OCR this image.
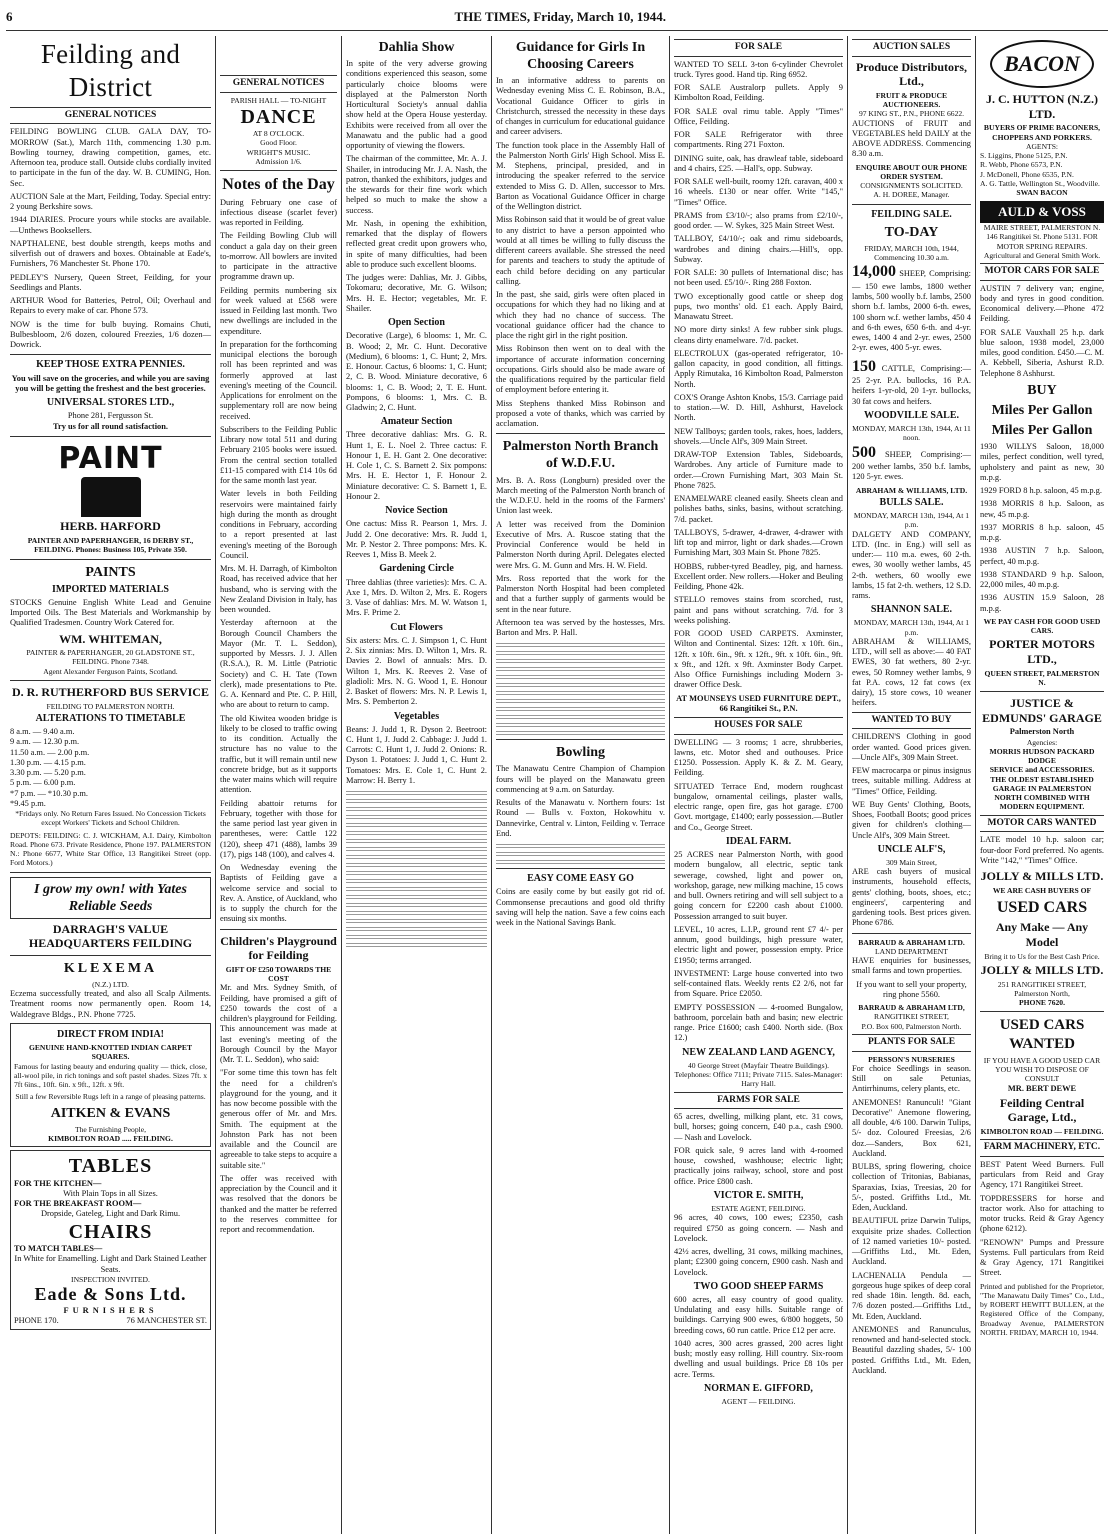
6	THE TIMES, Friday, March 10, 1944.
Feilding and District
GENERAL NOTICES

FEILDING BOWLING CLUB. GALA DAY, TO-MORROW (Sat.), March 11th, commencing 1.30 p.m. Bowling tourney, drawing competition, games, etc. Afternoon tea, produce stall. Outside clubs cordially invited to participate in the fun of the day. W. B. CUMING, Hon. Sec.

AUCTION Sale at the Mart, Feilding, Today. Special entry: 2 young Berkshire sows.

1944 DIARIES. Procure yours while stocks are available.—Unthews Booksellers.

NAPTHALENE, best double strength, keeps moths and silverfish out of drawers and boxes. Obtainable at Eade's, Furnishers, 76 Manchester St. Phone 170.

PEDLEY'S Nursery, Queen Street, Feilding, for your Seedlings and Plants.

ARTHUR Wood for Batteries, Petrol, Oil; Overhaul and Repairs to every make of car. Phone 573.

NOW is the time for bulb buying. Romains Chuti, Bulbesbloom, 2/6 dozen, coloured Freezies, 1/6 dozen—Dowrick.

KEEP THOSE EXTRA PENNIES.

You will save on the groceries, and while you are saving you will be getting the freshest and the best groceries.

UNIVERSAL STORES LTD.,
Phone 281, Fergusson St.
Try us for all round satisfaction.
PAINT
HERB. HARFORD
PAINTER AND PAPERHANGER, 16 DERBY ST., FEILDING. Phones: Business 105, Private 350.
PAINTS
IMPORTED MATERIALS

STOCKS Genuine English White Lead and Genuine Imported Oils. The Best Materials and Workmanship by Qualified Tradesmen. Country Work Catered for.

WM. WHITEMAN,
PAINTER & PAPERHANGER, 20 GLADSTONE ST., FEILDING. Phone 7348.
Agent Alexander Ferguson Paints, Scotland.
D. R. RUTHERFORD BUS SERVICE
FEILDING TO PALMERSTON NORTH.
ALTERATIONS TO TIMETABLE
8 a.m. — 9.40 a.m.
9 a.m. — 12.30 p.m.
11.50 a.m. — 2.00 p.m.
1.30 p.m. — 4.15 p.m.
3.30 p.m. — 5.20 p.m.
5 p.m. — 6.00 p.m.
*7 p.m. — *10.30 p.m.
*9.45 p.m.

*Fridays only. No Return Fares Issued. No Concession Tickets except Workers' Tickets and School Children.

DEPOTS: FEILDING: C. J. WICKHAM, A.I. Dairy, Kimbolton Road. Phone 673. Private Residence, Phone 197. PALMERSTON N.: Phone 6677, White Star Office, 13 Rangitikei Street (opp. Ford Motors.)

I grow my own! with Yates Reliable Seeds
DARRAGH'S VALUE HEADQUARTERS FEILDING
KLEXEMA
(N.Z.) LTD.

Eczema successfully treated, and also all Scalp Ailments. Treatment rooms now permanently open. Room 14, Waldegrave Bldgs., P.N. Phone 7725.

DIRECT FROM INDIA!
GENUINE HAND-KNOTTED INDIAN CARPET SQUARES.

Famous for lasting beauty and enduring quality — thick, close, all-wool pile, in rich tonings and soft pastel shades. Sizes 7ft. x 7ft 6ins., 10ft. 6in. x 9ft., 12ft. x 9ft.

Still a few Reversible Rugs left in a range of pleasing patterns.

AITKEN & EVANS
The Furnishing People,
KIMBOLTON ROAD ..... FEILDING.
TABLES
FOR THE KITCHEN—
With Plain Tops in all Sizes.
FOR THE BREAKFAST ROOM—
Dropside, Gateleg, Light and Dark Rimu.
CHAIRS
TO MATCH TABLES—
In White for Enamelling. Light and Dark Stained Leather Seats.
INSPECTION INVITED.
Eade & Sons Ltd.
FURNISHERS
PHONE 170.	76 MANCHESTER ST.
GENERAL NOTICES
PARISH HALL — TO-NIGHT
DANCE
AT 8 O'CLOCK.
Good Floor.
WRIGHT'S MUSIC.
Admission 1/6.
Notes of the Day

During February one case of infectious disease (scarlet fever) was reported in Feilding.

The Feilding Bowling Club will conduct a gala day on their green to-morrow. All bowlers are invited to participate in the attractive programme drawn up.

Feilding permits numbering six for week valued at £568 were issued in Feilding last month. Two new dwellings are included in the expenditure.

In preparation for the forthcoming municipal elections the borough roll has been reprinted and was formerly approved at last evening's meeting of the Council. Applications for enrolment on the supplementary roll are now being received.

Subscribers to the Feilding Public Library now total 511 and during February 2105 books were issued. From the central section totalled £11-15 compared with £14 10s 6d for the same month last year.

Water levels in both Feilding reservoirs were maintained fairly high during the month as drought conditions in February, according to a report presented at last evening's meeting of the Borough Council.

Mrs. M. H. Darragh, of Kimbolton Road, has received advice that her husband, who is serving with the New Zealand Division in Italy, has been wounded.

Yesterday afternoon at the Borough Council Chambers the Mayor (Mr. T. L. Seddon), supported by Messrs. J. J. Allen (R.S.A.), R. M. Little (Patriotic Society) and C. H. Tate (Town clerk), made presentations to Pte. G. A. Kennard and Pte. C. P. Hill, who are about to return to camp.

The old Kiwitea wooden bridge is likely to be closed to traffic owing to its condition. Actually the structure has no value to the traffic, but it will remain until new concrete bridge, but as it supports the water mains which will require attention.

Feilding abattoir returns for February, together with those for the same period last year given in parentheses, were: Cattle 122 (120), sheep 471 (488), lambs 39 (17), pigs 148 (100), and calves 4.

On Wednesday evening the Baptists of Feilding gave a welcome service and social to Rev. A. Anstice, of Auckland, who is to supply the church for the ensuing six months.

Children's Playground for Feilding
GIFT OF £250 TOWARDS THE COST

Mr. and Mrs. Sydney Smith, of Feilding, have promised a gift of £250 towards the cost of a children's playground for Feilding. This announcement was made at last evening's meeting of the Borough Council by the Mayor (Mr. T. L. Seddon), who said:

"For some time this town has felt the need for a children's playground for the young, and it has now become possible with the generous offer of Mr. and Mrs. Smith. The equipment at the Johnston Park has not been available and the Council are agreeable to take steps to acquire a suitable site."

The offer was received with appreciation by the Council and it was resolved that the donors be thanked and the matter be referred to the reserves committee for report and recommendation.

Dahlia Show

In spite of the very adverse growing conditions experienced this season, some particularly choice blooms were displayed at the Palmerston North Horticultural Society's annual dahlia show held at the Opera House yesterday. Exhibits were received from all over the Manawatu and the public had a good opportunity of viewing the flowers.

The chairman of the committee, Mr. A. J. Shailer, in introducing Mr. J. A. Nash, the patron, thanked the exhibitors, judges and the stewards for their fine work which helped so much to make the show a success.

Mr. Nash, in opening the exhibition, remarked that the display of flowers reflected great credit upon growers who, in spite of many difficulties, had been able to produce such excellent blooms.

The judges were: Dahlias, Mr. J. Gibbs, Tokomaru; decorative, Mr. G. Wilson; Mrs. H. E. Hector; vegetables, Mr. F. Shailer.

Open Section

Decorative (Large), 6 blooms: 1, Mr. C. B. Wood; 2, Mr. C. Hunt. Decorative (Medium), 6 blooms: 1, C. Hunt; 2, Mrs. E. Honour. Cactus, 6 blooms: 1, C. Hunt; 2, C. B. Wood. Miniature decorative, 6 blooms: 1, C. B. Wood; 2, T. E. Hunt. Pompons, 6 blooms: 1, Mrs. C. B. Gladwin; 2, C. Hunt.

Amateur Section

Three decorative dahlias: Mrs. G. R. Hunt 1, E. L. Noel 2. Three cactus: F. Honour 1, E. H. Gant 2. One decorative: H. Cole 1, C. S. Barnett 2. Six pompons: Mrs. H. E. Hector 1, F. Honour 2. Miniature decorative: C. S. Barnett 1, E. Honour 2.

Novice Section

One cactus: Miss R. Pearson 1, Mrs. J. Judd 2. One decorative: Mrs. R. Judd 1, Mr. P. Nestor 2. Three pompons: Mrs. K. Reeves 1, Miss B. Meek 2.

Gardening Circle

Three dahlias (three varieties): Mrs. C. A. Axe 1, Mrs. D. Wilton 2, Mrs. E. Rogers 3. Vase of dahlias: Mrs. M. W. Watson 1, Mrs. F. Prime 2.

Cut Flowers

Six asters: Mrs. C. J. Simpson 1, C. Hunt 2. Six zinnias: Mrs. D. Wilton 1, Mrs. R. Davies 2. Bowl of annuals: Mrs. D. Wilton 1, Mrs. K. Reeves 2. Vase of gladioli: Mrs. N. G. Wood 1, E. Honour 2. Basket of flowers: Mrs. N. P. Lewis 1, Mrs. S. Pemberton 2.

Vegetables

Beans: J. Judd 1, R. Dyson 2. Beetroot: C. Hunt 1, J. Judd 2. Cabbage: J. Judd 1. Carrots: C. Hunt 1, J. Judd 2. Onions: R. Dyson 1. Potatoes: J. Judd 1, C. Hunt 2. Tomatoes: Mrs. E. Cole 1, C. Hunt 2. Marrow: H. Berry 1.

Guidance for Girls In Choosing Careers

In an informative address to parents on Wednesday evening Miss C. E. Robinson, B.A., Vocational Guidance Officer to girls in Christchurch, stressed the necessity in these days of changes in curriculum for educational guidance and career advisers.

The function took place in the Assembly Hall of the Palmerston North Girls' High School. Miss E. M. Stephens, principal, presided, and in introducing the speaker referred to the service extended to Miss G. D. Allen, successor to Mrs. Barton as Vocational Guidance Officer in charge of the Wellington district.

Miss Robinson said that it would be of great value to any district to have a person appointed who would at all times be willing to fully discuss the different careers available. She stressed the need for parents and teachers to study the aptitude of each child before deciding on any particular calling.

In the past, she said, girls were often placed in occupations for which they had no liking and at which they had no chance of success. The vocational guidance officer had the chance to place the right girl in the right position.

Miss Robinson then went on to deal with the importance of accurate information concerning occupations. Girls should also be made aware of the qualifications required by the particular field of employment before entering it.

Miss Stephens thanked Miss Robinson and proposed a vote of thanks, which was carried by acclamation.

Palmerston North Branch of W.D.F.U.

Mrs. B. A. Ross (Longburn) presided over the March meeting of the Palmerston North branch of the W.D.F.U. held in the rooms of the Farmers' Union last week.

A letter was received from the Dominion Executive of Mrs. A. Ruscoe stating that the Provincial Conference would be held in Palmerston North during April. Delegates elected were Mrs. G. M. Gunn and Mrs. H. W. Field.

Mrs. Ross reported that the work for the Palmerston North Hospital had been completed and that a further supply of garments would be sent in the near future.

Afternoon tea was served by the hostesses, Mrs. Barton and Mrs. P. Hall.

Bowling

The Manawatu Centre Champion of Champion fours will be played on the Manawatu green commencing at 9 a.m. on Saturday.

Results of the Manawatu v. Northern fours: 1st Round — Bulls v. Foxton, Hokowhitu v. Dannevirke, Central v. Linton, Feilding v. Terrace End.

EASY COME EASY GO

Coins are easily come by but easily got rid of. Commonsense precautions and good old thrifty saving will help the nation. Save a few coins each week in the National Savings Bank.

FOR SALE

WANTED TO SELL 3-ton 6-cylinder Chevrolet truck. Tyres good. Hand tip. Ring 6952.

FOR SALE Australorp pullets. Apply 9 Kimbolton Road, Feilding.

FOR SALE oval rimu table. Apply "Times" Office, Feilding.

FOR SALE Refrigerator with three compartments. Ring 271 Foxton.

DINING suite, oak, has drawleaf table, sideboard and 4 chairs, £25. —Hall's, opp. Subway.

FOR SALE well-built, roomy 12ft. caravan, 400 x 16 wheels. £130 or near offer. Write "145," "Times" Office.

PRAMS from £3/10/-; also prams from £2/10/-, good order. — W. Sykes, 325 Main Street West.

TALLBOY, £4/10/-; oak and rimu sideboards, wardrobes and dining chairs.—Hill's, opp. Subway.

FOR SALE: 30 pullets of International disc; has not been used. £5/10/-. Ring 288 Foxton.

TWO exceptionally good cattle or sheep dog pups, two months' old. £1 each. Apply Baird, Manawatu Street.

NO more dirty sinks! A few rubber sink plugs. cleans dirty enamelware. 7/d. packet.

ELECTROLUX (gas-operated refrigerator, 10-gallon capacity, in good condition, all fittings. Apply Rimutaka, 16 Kimbolton Road, Palmerston North.

COX'S Orange Ashton Knobs, 15/3. Carriage paid to station.—W. D. Hill, Ashhurst, Havelock North.

NEW Tallboys; garden tools, rakes, hoes, ladders, shovels.—Uncle Alf's, 309 Main Street.

DRAW-TOP Extension Tables, Sideboards, Wardrobes. Any article of Furniture made to order.—Crown Furnishing Mart, 303 Main St. Phone 7825.

ENAMELWARE cleaned easily. Sheets clean and polishes baths, sinks, basins, without scratching. 7/d. packet.

TALLBOYS, 5-drawer, 4-drawer, 4-drawer with lift top and mirror, light or dark shades.—Crown Furnishing Mart, 303 Main St. Phone 7825.

HOBBS, rubber-tyred Beadley, pig, and harness. Excellent order. New rollers.—Hoker and Beuling Feilding, Phone 42k.

STELLO removes stains from scorched, rust, paint and pans without scratching. 7/d. for 3 weeks polishing.

FOR GOOD USED CARPETS. Axminster, Wilton and Continental. Sizes: 12ft. x 10ft. 6in., 12ft. x 10ft. 6in., 9ft. x 12ft., 9ft. x 10ft. 6in., 9ft. x 9ft., and 12ft. x 9ft. Axminster Body Carpet. Also Office Furnishings including Modern 3-drawer Office Desk.

AT MOUNSEYS USED FURNITURE DEPT., 66 Rangitikei St., P.N.

HOUSES FOR SALE

DWELLING — 3 rooms; 1 acre, shrubberies, lawns, etc. Motor shed and outhouses. Price £1250. Possession. Apply K. & Z. M. Geary, Feilding.

SITUATED Terrace End, modern roughcast bungalow, ornamental ceilings, plaster walls, electric range, open fire, gas hot garage. £700 Govt. mortgage, £1400; early possession.—Butler and Co., George Street.

IDEAL FARM.

25 ACRES near Palmerston North, with good modern bungalow, all electric, septic tank sewerage, cowshed, light and power on, workshop, garage, new milking machine, 15 cows and bull. Owners retiring and will sell subject to a going concern for £2200 cash about £1000. Possession arranged to suit buyer.

LEVEL, 10 acres, L.I.P., ground rent £7 4/- per annum, good buildings, high pressure water, electric light and power, possession empty. Price £1950; terms arranged.

INVESTMENT: Large house converted into two self-contained flats. Weekly rents £2 2/6, not far from Square. Price £2050.

EMPTY POSSESSION — 4-roomed Bungalow, bathroom, porcelain bath and basin; new electric range. Price £1600; cash £400. North side. (Box 12.)

NEW ZEALAND LAND AGENCY,
40 George Street (Mayfair Theatre Buildings).
Telephones: Office 7111; Private 7115. Sales-Manager: Harry Hall.
FARMS FOR SALE

65 acres, dwelling, milking plant, etc. 31 cows, bull, horses; going concern, £40 p.a., cash £900. — Nash and Lovelock.

FOR quick sale, 9 acres land with 4-roomed house, cowshed, washhouse; electric light; practically joins railway, school, store and post office. Price £800 cash.

VICTOR E. SMITH,
ESTATE AGENT, FEILDING.

96 acres, 40 cows, 100 ewes; £2350, cash required £750 as going concern. — Nash and Lovelock.

42½ acres, dwelling, 31 cows, milking machines, plant; £2300 going concern, £900 cash. Nash and Lovelock.

TWO GOOD SHEEP FARMS

600 acres, all easy country of good quality. Undulating and easy hills. Suitable range of buildings. Carrying 900 ewes, 6/800 hoggets, 50 breeding cows, 60 run cattle. Price £12 per acre.

1040 acres, 300 acres grassed, 200 acres light bush; mostly easy rolling. Hill country. Six-room dwelling and usual buildings. Price £8 10s per acre. Terms.

NORMAN E. GIFFORD,
AGENT — FEILDING.
AUCTION SALES
Produce Distributors, Ltd.,
FRUIT & PRODUCE AUCTIONEERS.
97 KING ST., P.N., PHONE 6622.

AUCTIONS of FRUIT and VEGETABLES held DAILY at the ABOVE ADDRESS. Commencing 8.30 a.m.

ENQUIRE ABOUT OUR PHONE ORDER SYSTEM.
CONSIGNMENTS SOLICITED.
A. H. DOREE, Manager.
FEILDING SALE.
TO-DAY
FRIDAY, MARCH 10th, 1944, Commencing 10.30 a.m.

14,000 SHEEP, Comprising:— 150 ewe lambs, 1800 wether lambs, 500 woolly b.f. lambs, 2500 shorn b.f. lambs, 2000 6-th. ewes, 100 shorn w.f. wether lambs, 450 4 and 6-th ewes, 650 6-th. and 4-yr. ewes, 1400 4 and 2-yr. ewes, 2500 2-yr. ewes, 400 5-yr. ewes.

150 CATTLE, Comprising:— 25 2-yr. P.A. bullocks, 16 P.A. heifers 1-yr-old, 20 1-yr. bullocks, 30 fat cows and heifers.

WOODVILLE SALE.
MONDAY, MARCH 13th, 1944, At 11 noon.

500 SHEEP, Comprising:— 200 wether lambs, 350 b.f. lambs, 120 5-yr. ewes.

ABRAHAM & WILLIAMS, LTD.
BULLS SALE.
MONDAY, MARCH 13th, 1944, At 1 p.m.

DALGETY AND COMPANY, LTD. (Inc. in Eng.) will sell as under:— 110 m.a. ewes, 60 2-th. ewes, 30 woolly wether lambs, 45 2-th. wethers, 60 woolly ewe lambs, 15 fat 2-th. wethers, 12 S.D. rams.

SHANNON SALE.
MONDAY, MARCH 13th, 1944, At 1 p.m.

ABRAHAM & WILLIAMS, LTD., will sell as above:— 40 FAT EWES, 30 fat wethers, 80 2-yr. ewes, 50 Romney wether lambs, 9 fat P.A. cows, 12 fat cows (ex dairy), 15 store cows, 10 weaner heifers.

WANTED TO BUY

CHILDREN'S Clothing in good order wanted. Good prices given.—Uncle Alf's, 309 Main Street.

FEW macrocarpa or pinus insignus trees, suitable milling. Address at "Times" Office, Feilding.

WE Buy Gents' Clothing, Boots, Shoes, Football Boots; good prices given for children's clothing—Uncle Alf's, 309 Main Street.

UNCLE ALF'S,
309 Main Street,

ARE cash buyers of musical instruments, household effects, gents' clothing, boots, shoes, etc.; engineers', carpentering and gardening tools. Best prices given. Phone 6786.

BARRAUD & ABRAHAM LTD.
LAND DEPARTMENT

HAVE enquiries for businesses, small farms and town properties.

If you want to sell your property, ring phone 5560.

BARRAUD & ABRAHAM LTD,
RANGITIKEI STREET,
P.O. Box 600, Palmerston North.
PLANTS FOR SALE
PERSSON'S NURSERIES

For choice Seedlings in season. Still on sale Petunias, Antirrhinums, celery plants, etc.

ANEMONES! Ranunculi! "Giant Decorative" Anemone flowering, all double, 4/6 100. Darwin Tulips, 5/- doz. Coloured Freesias, 2/6 doz.—Sanders, Box 621, Auckland.

BULBS, spring flowering, choice collection of Tritonias, Babianas, Sparaxias, Ixias, Treesias, 20 for 5/-, posted. Griffiths Ltd., Mt. Eden, Auckland.

BEAUTIFUL prize Darwin Tulips, exquisite prize shades. Collection of 12 named varieties 10/- posted.—Griffiths Ltd., Mt. Eden, Auckland.

LACHENALIA Pendula — gorgeous huge spikes of deep coral red shade 18in. length. 8d. each, 7/6 dozen posted.—Griffiths Ltd., Mt. Eden, Auckland.

ANEMONES and Ranunculus, renowned and hand-selected stock. Beautiful dazzling shades, 5/- 100 posted. Griffiths Ltd., Mt. Eden, Auckland.

BACON
J. C. HUTTON (N.Z.) LTD.
BUYERS OF PRIME BACONERS, CHOPPERS AND PORKERS.
AGENTS:
S. Liggins, Phone 5125, P.N.
R. Webb, Phone 6573, P.N.
J. McDonell, Phone 6535, P.N.
A. G. Tattle, Wellington St., Woodville.
SWAN BACON
AULD & VOSS

MAIRE STREET, PALMERSTON N. 146 Rangitikei St. Phone 5131. FOR MOTOR SPRING REPAIRS. Agricultural and General Smith Work.

MOTOR CARS FOR SALE

AUSTIN 7 delivery van; engine, body and tyres in good condition. Economical delivery.—Phone 472 Feilding.

FOR SALE Vauxhall 25 h.p. dark blue saloon, 1938 model, 23,000 miles, good condition. £450.—C. M. A. Kebbell, Siberia, Ashurst R.D. Telephone 8 Ashhurst.

BUY
Miles Per Gallon
Miles Per Gallon

1930 WILLYS Saloon, 18,000 miles, perfect condition, well tyred, upholstery and paint as new, 30 m.p.g.

1929 FORD 8 h.p. saloon, 45 m.p.g.

1938 MORRIS 8 h.p. Saloon, as new, 45 m.p.g.

1937 MORRIS 8 h.p. saloon, 45 m.p.g.

1938 AUSTIN 7 h.p. Saloon, perfect, 40 m.p.g.

1938 STANDARD 9 h.p. Saloon, 22,000 miles, 40 m.p.g.

1936 AUSTIN 15.9 Saloon, 28 m.p.g.

WE PAY CASH FOR GOOD USED CARS.
PORTER MOTORS LTD.,
QUEEN STREET, PALMERSTON N.
JUSTICE & EDMUNDS' GARAGE
Palmerston North
Agencies:
MORRIS HUDSON PACKARD DODGE
SERVICE and ACCESSORIES.
THE OLDEST ESTABLISHED GARAGE IN PALMERSTON NORTH COMBINED WITH MODERN EQUIPMENT.
MOTOR CARS WANTED

LATE model 10 h.p. saloon car; four-door Ford preferred. No agents. Write "142," "Times" Office.

JOLLY & MILLS LTD.
WE ARE CASH BUYERS OF
USED CARS
Any Make — Any Model
Bring it to Us for the Best Cash Price.
JOLLY & MILLS LTD.
251 RANGITIKEI STREET, Palmerston North,
PHONE 7620.
USED CARS WANTED
IF YOU HAVE A GOOD USED CAR YOU WISH TO DISPOSE OF CONSULT
MR. BERT DEWE
Feilding Central Garage, Ltd.,
KIMBOLTON ROAD — FEILDING.
FARM MACHINERY, ETC.

BEST Patent Weed Burners. Full particulars from Reid and Gray Agency, 171 Rangitikei Street.

TOPDRESSERS for horse and tractor work. Also for attaching to motor trucks. Reid & Gray Agency (phone 6212).

"RENOWN" Pumps and Pressure Systems. Full particulars from Reid & Gray Agency, 171 Rangitikei Street.

Printed and published for the Proprietor, "The Manawatu Daily Times" Co., Ltd., by ROBERT HEWITT BULLEN, at the Registered Office of the Company, Broadway Avenue, PALMERSTON NORTH. FRIDAY, MARCH 10, 1944.
